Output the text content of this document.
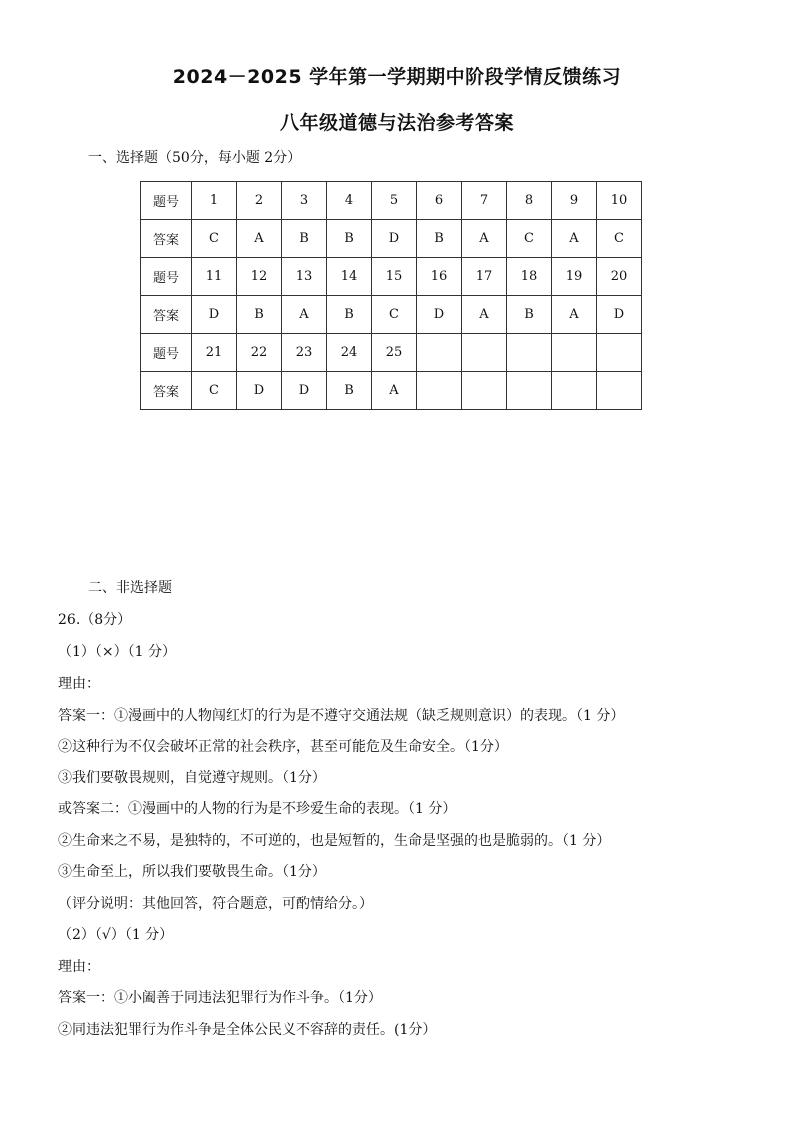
2024－2025 学年第一学期期中阶段学情反馈练习
八年级道德与法治参考答案
一、选择题（50分，每小题 2分）
题号	1	2	3	4	5	6	7	8	9	10
答案	C	A	B	B	D	B	A	C	A	C
题号	11	12	13	14	15	16	17	18	19	20
答案	D	B	A	B	C	D	A	B	A	D
题号	21	22	23	24	25					
答案	C	D	D	B	A					
二、非选择题
26.（8分）
（1）（×）（1 分）
理由：
答案一：①漫画中的人物闯红灯的行为是不遵守交通法规（缺乏规则意识）的表现。（1 分）
②这种行为不仅会破坏正常的社会秩序，甚至可能危及生命安全。（1分）
③我们要敬畏规则，自觉遵守规则。（1分）
或答案二：①漫画中的人物的行为是不珍爱生命的表现。（1 分）
②生命来之不易，是独特的，不可逆的，也是短暂的，生命是坚强的也是脆弱的。（1 分）
③生命至上，所以我们要敬畏生命。（1分）
（评分说明：其他回答，符合题意，可酌情给分。）
（2）（√）（1 分）
理由：
答案一：①小阖善于同违法犯罪行为作斗争。（1分）
②同违法犯罪行为作斗争是全体公民义不容辞的责任。(1分）
